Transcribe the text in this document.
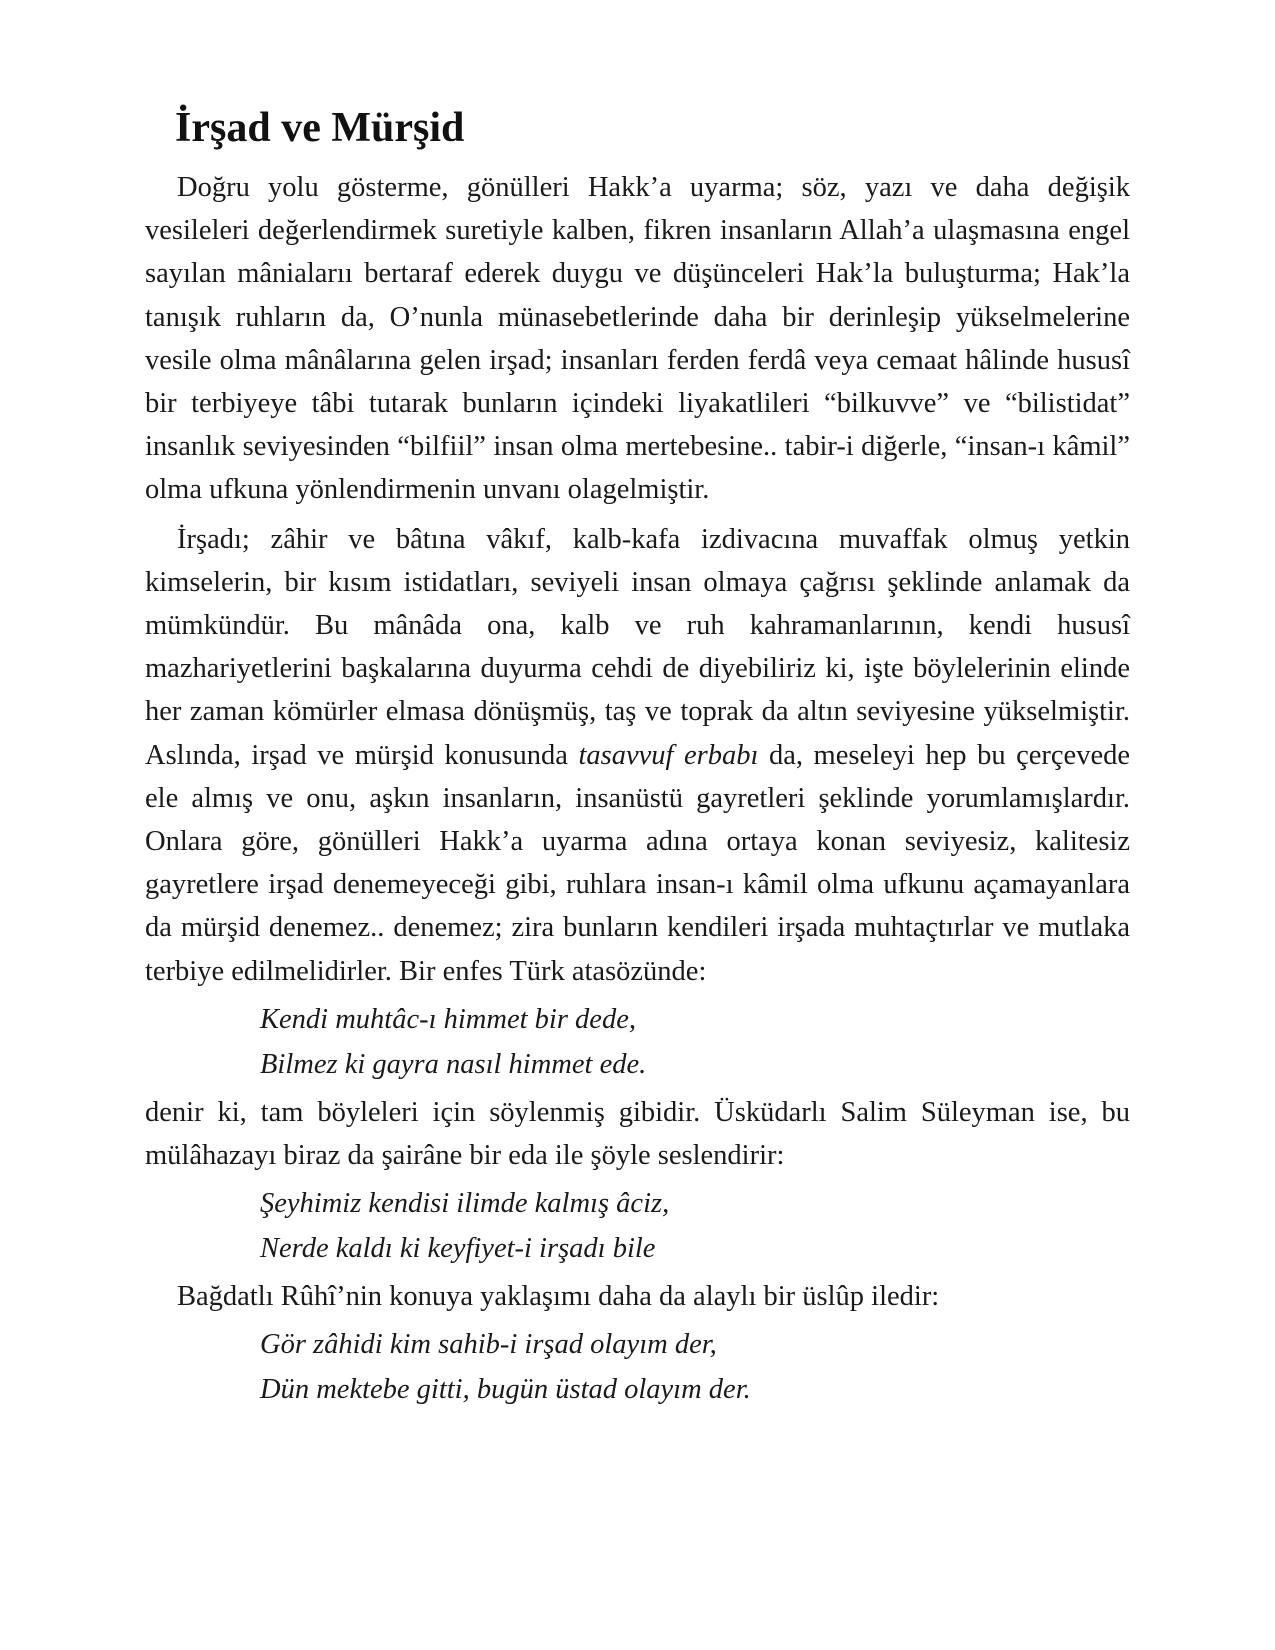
İrşad ve Mürşid

Doğru yolu gösterme, gönülleri Hakk’a uyarma; söz, yazı ve daha değişik vesileleri değerlendirmek suretiyle kalben, fikren insanların Allah’a ulaşmasına engel sayılan mânialarıı bertaraf ederek duygu ve düşünceleri Hak’la buluşturma; Hak’la tanışık ruhların da, O’nunla münasebetlerinde daha bir derinleşip yükselmelerine vesile olma mânâlarına gelen irşad; insanları ferden ferdâ veya cemaat hâlinde hususî bir terbiyeye tâbi tutarak bunların içindeki liyakatlileri “bilkuvve” ve “bilistidat” insanlık seviyesinden “bilfiil” insan olma mertebesine.. tabir-i diğerle, “insan-ı kâmil” olma ufkuna yönlendirmenin unvanı olagelmiştir.

İrşadı; zâhir ve bâtına vâkıf, kalb-kafa izdivacına muvaffak olmuş yetkin kimselerin, bir kısım istidatları, seviyeli insan olmaya çağrısı şeklinde anlamak da mümkündür. Bu mânâda ona, kalb ve ruh kahramanlarının, kendi hususî mazhariyetlerini başkalarına duyurma cehdi de diyebiliriz ki, işte böylelerinin elinde her zaman kömürler elmasa dönüşmüş, taş ve toprak da altın seviyesine yükselmiştir. Aslında, irşad ve mürşid konusunda tasavvuf erbabı da, meseleyi hep bu çerçevede ele almış ve onu, aşkın insanların, insanüstü gayretleri şeklinde yorumlamışlardır. Onlara göre, gönülleri Hakk’a uyarma adına ortaya konan seviyesiz, kalitesiz gayretlere irşad denemeyeceği gibi, ruhlara insan-ı kâmil olma ufkunu açamayanlara da mürşid denemez.. denemez; zira bunların kendileri irşada muhtaçtırlar ve mutlaka terbiye edilmelidirler. Bir enfes Türk atasözünde:

Kendi muhtâc-ı himmet bir dede,
Bilmez ki gayra nasıl himmet ede.

denir ki, tam böyleleri için söylenmiş gibidir. Üsküdarlı Salim Süleyman ise, bu mülâhazayı biraz da şairâne bir eda ile şöyle seslendirir:

Şeyhimiz kendisi ilimde kalmış âciz,
Nerde kaldı ki keyfiyet-i irşadı bile

Bağdatlı Rûhî’nin konuya yaklaşımı daha da alaylı bir üslûp iledir:

Gör zâhidi kim sahib-i irşad olayım der,
Dün mektebe gitti, bugün üstad olayım der.
